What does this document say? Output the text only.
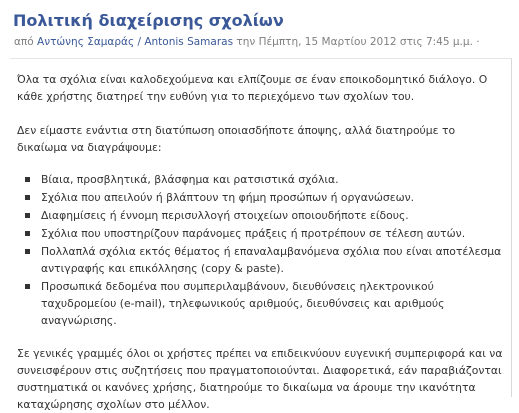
Πολιτική διαχείρισης σχολίων
από Αντώνης Σαμαράς / Antonis Samaras την Πέμπτη, 15 Μαρτίου 2012 στις 7:45 μ.μ. ·

Όλα τα σχόλια είναι καλοδεχούμενα και ελπίζουμε σε έναν εποικοδομητικό διάλογο. Ο κάθε χρήστης διατηρεί την ευθύνη για το περιεχόμενο των σχολίων του.

Δεν είμαστε ενάντια στη διατύπωση οποιασδήποτε άποψης, αλλά διατηρούμε το δικαίωμα να διαγράψουμε:

Βίαια, προσβλητικά, βλάσφημα και ρατσιστικά σχόλια.
Σχόλια που απειλούν ή βλάπτουν τη φήμη προσώπων ή οργανώσεων.
Διαφημίσεις ή έννομη περισυλλογή στοιχείων οποιουδήποτε είδους.
Σχόλια που υποστηρίζουν παράνομες πράξεις ή προτρέπουν σε τέλεση αυτών.
Πολλαπλά σχόλια εκτός θέματος ή επαναλαμβανόμενα σχόλια που είναι αποτέλεσμα αντιγραφής και επικόλλησης (copy & paste).
Προσωπικά δεδομένα που συμπεριλαμβάνουν, διευθύνσεις ηλεκτρονικού ταχυδρομείου (e-mail), τηλεφωνικούς αριθμούς, διευθύνσεις και αριθμούς αναγνώρισης.

Σε γενικές γραμμές όλοι οι χρήστες πρέπει να επιδεικνύουν ευγενική συμπεριφορά και να συνεισφέρουν στις συζητήσεις που πραγματοποιούνται. Διαφορετικά, εάν παραβιάζονται συστηματικά οι κανόνες χρήσης, διατηρούμε το δικαίωμα να άρουμε την ικανότητα καταχώρησης σχολίων στο μέλλον.
